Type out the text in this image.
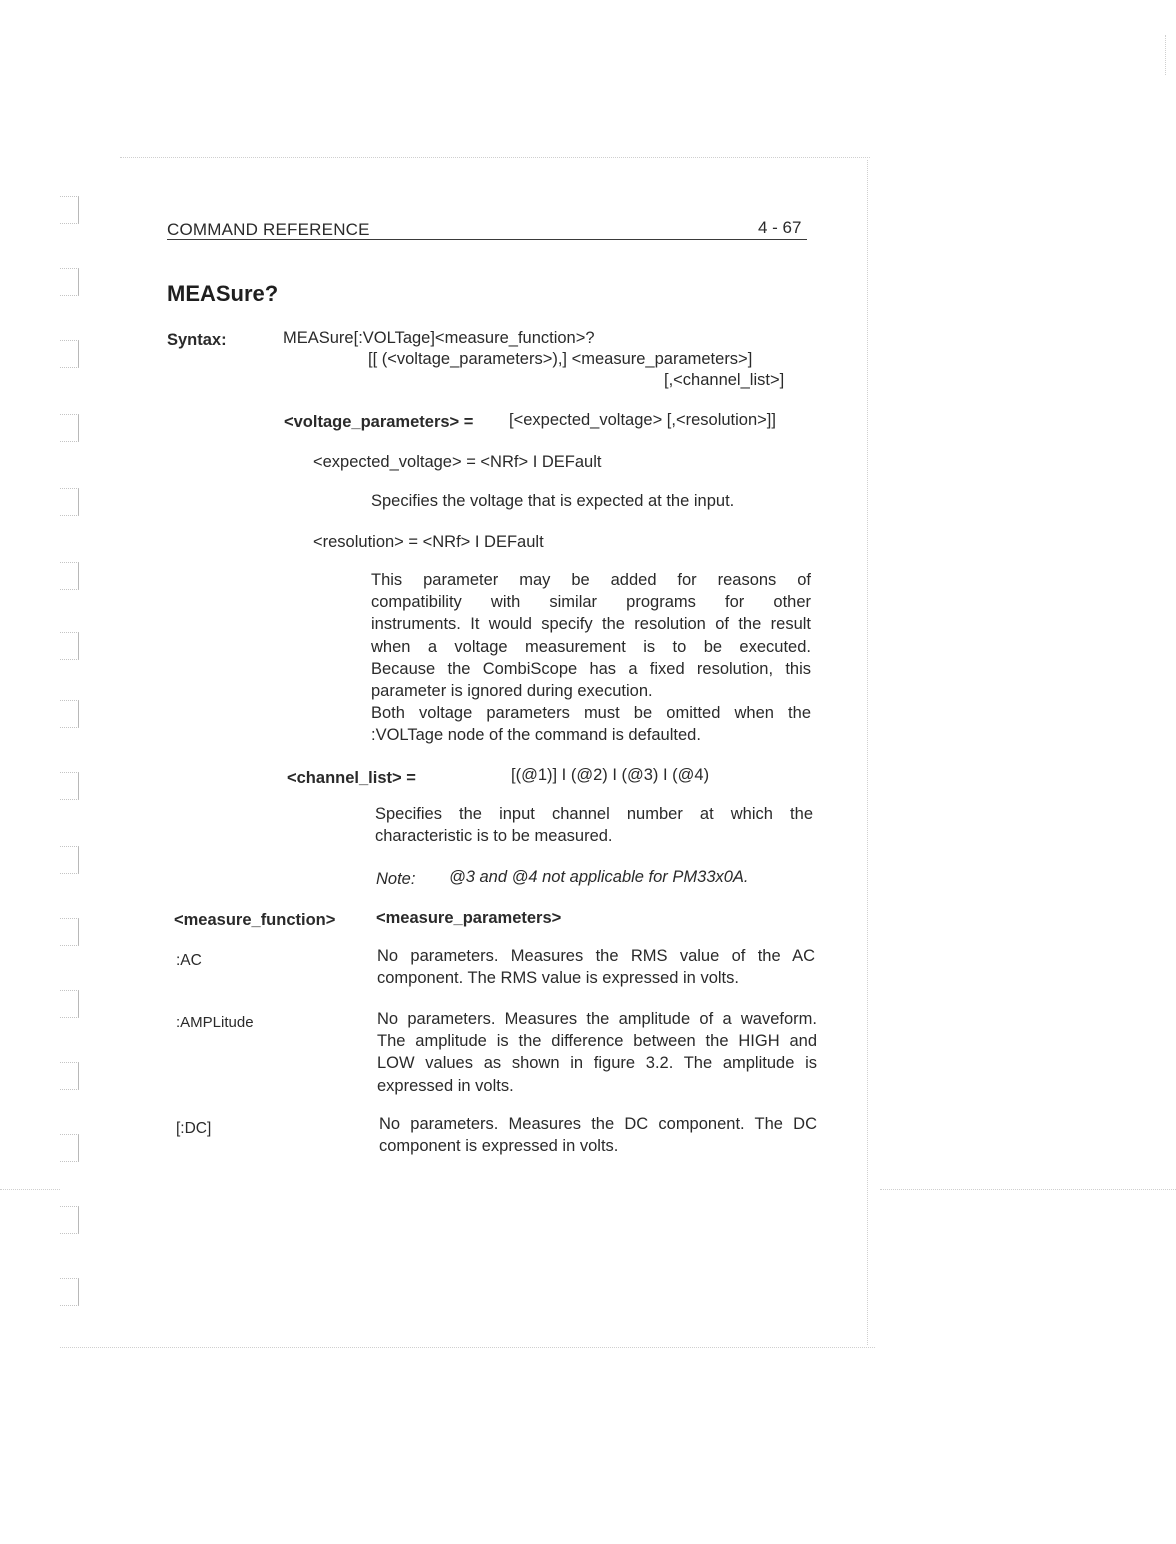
COMMAND REFERENCE	4 - 67
MEASure?
Syntax:	MEASure[:VOLTage]<measure_function>?
[[ (<voltage_parameters>),] <measure_parameters>]
[,<channel_list>]
<voltage_parameters> = [<expected_voltage> [,<resolution>]]
<expected_voltage> = <NRf> I DEFault
Specifies the voltage that is expected at the input.
<resolution> = <NRf> I DEFault
This parameter may be added for reasons of
compatibility with similar programs for other
instruments. It would specify the resolution of the result
when a voltage measurement is to be executed.
Because the CombiScope has a fixed resolution, this
parameter is ignored during execution.
Both voltage parameters must be omitted when the
:VOLTage node of the command is defaulted.
<channel_list> =	[(@1)] I (@2) I (@3) I (@4)
Specifies the input channel number at which the
characteristic is to be measured.
Note: @3 and @4 not applicable for PM33x0A.
<measure_function> <measure_parameters>
:AC	No parameters. Measures the RMS value of the AC
component. The RMS value is expressed in volts.
:AMPLitude	No parameters. Measures the amplitude of a waveform.
The amplitude is the difference between the HIGH and
LOW values as shown in figure 3.2. The amplitude is
expressed in volts.
[:DC]	No parameters. Measures the DC component. The DC
component is expressed in volts.
